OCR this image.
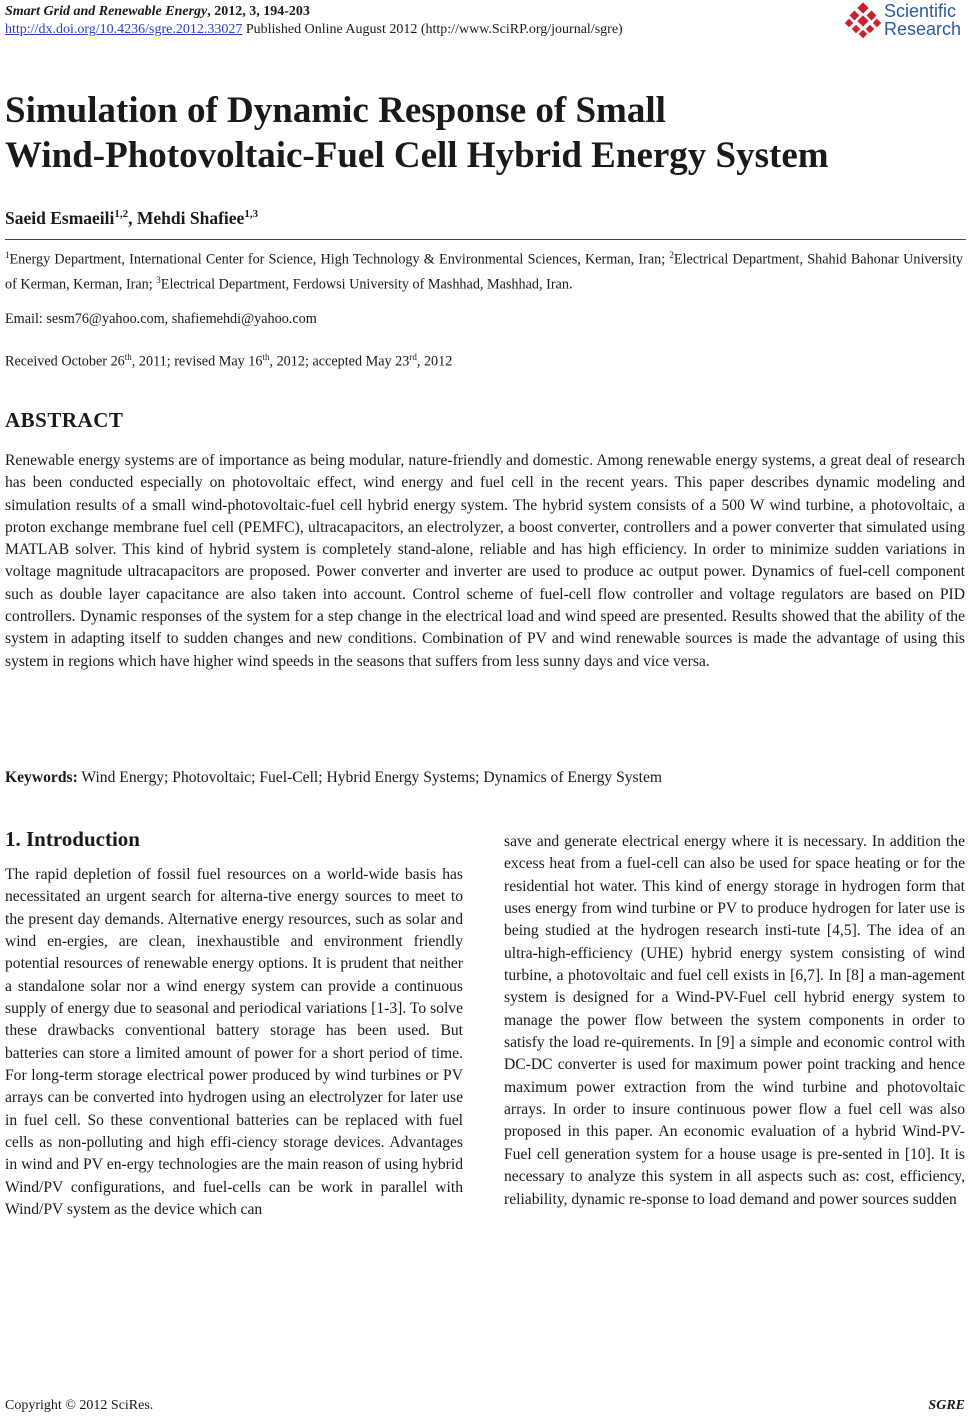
Smart Grid and Renewable Energy, 2012, 3, 194-203
http://dx.doi.org/10.4236/sgre.2012.33027 Published Online August 2012 (http://www.SciRP.org/journal/sgre)
Scientific
Research
Simulation of Dynamic Response of Small
Wind-Photovoltaic-Fuel Cell Hybrid Energy System
Saeid Esmaeili$^{1,2}$, Mehdi Shafiee$^{1,3}$
$^1$Energy Department, International Center for Science, High Technology & Environmental Sciences, Kerman, Iran; $^2$Electrical Department, Shahid Bahonar University of Kerman, Kerman, Iran; $^3$Electrical Department, Ferdowsi University of Mashhad, Mashhad, Iran.
Email: sesm76@yahoo.com, shafiemehdi@yahoo.com
Received October 26th, 2011; revised May 16th, 2012; accepted May 23rd, 2012
ABSTRACT

Renewable energy systems are of importance as being modular, nature-friendly and domestic. Among renewable energy systems, a great deal of research has been conducted especially on photovoltaic effect, wind energy and fuel cell in the recent years. This paper describes dynamic modeling and simulation results of a small wind-photovoltaic-fuel cell hybrid energy system. The hybrid system consists of a 500 W wind turbine, a photovoltaic, a proton exchange membrane fuel cell (PEMFC), ultracapacitors, an electrolyzer, a boost converter, controllers and a power converter that simulated using MATLAB solver. This kind of hybrid system is completely stand-alone, reliable and has high efficiency. In order to minimize sudden variations in voltage magnitude ultracapacitors are proposed. Power converter and inverter are used to produce ac output power. Dynamics of fuel-cell component such as double layer capacitance are also taken into account. Control scheme of fuel-cell flow controller and voltage regulators are based on PID controllers. Dynamic responses of the system for a step change in the electrical load and wind speed are presented. Results showed that the ability of the system in adapting itself to sudden changes and new conditions. Combination of PV and wind renewable sources is made the advantage of using this system in regions which have higher wind speeds in the seasons that suffers from less sunny days and vice versa.

Keywords: Wind Energy; Photovoltaic; Fuel-Cell; Hybrid Energy Systems; Dynamics of Energy System
1. Introduction

The rapid depletion of fossil fuel resources on a world-wide basis has necessitated an urgent search for alterna-tive energy sources to meet to the present day demands. Alternative energy resources, such as solar and wind en-ergies, are clean, inexhaustible and environment friendly potential resources of renewable energy options. It is prudent that neither a standalone solar nor a wind energy system can provide a continuous supply of energy due to seasonal and periodical variations [1-3]. To solve these drawbacks conventional battery storage has been used. But batteries can store a limited amount of power for a short period of time. For long-term storage electrical power produced by wind turbines or PV arrays can be converted into hydrogen using an electrolyzer for later use in fuel cell. So these conventional batteries can be replaced with fuel cells as non-polluting and high effi-ciency storage devices. Advantages in wind and PV en-ergy technologies are the main reason of using hybrid Wind/PV configurations, and fuel-cells can be work in parallel with Wind/PV system as the device which can

save and generate electrical energy where it is necessary. In addition the excess heat from a fuel-cell can also be used for space heating or for the residential hot water. This kind of energy storage in hydrogen form that uses energy from wind turbine or PV to produce hydrogen for later use is being studied at the hydrogen research insti-tute [4,5]. The idea of an ultra-high-efficiency (UHE) hybrid energy system consisting of wind turbine, a photovoltaic and fuel cell exists in [6,7]. In [8] a man-agement system is designed for a Wind-PV-Fuel cell hybrid energy system to manage the power flow between the system components in order to satisfy the load re-quirements. In [9] a simple and economic control with DC-DC converter is used for maximum power point tracking and hence maximum power extraction from the wind turbine and photovoltaic arrays. In order to insure continuous power flow a fuel cell was also proposed in this paper. An economic evaluation of a hybrid Wind-PV-Fuel cell generation system for a house usage is pre-sented in [10]. It is necessary to analyze this system in all aspects such as: cost, efficiency, reliability, dynamic re-sponse to load demand and power sources sudden

Copyright © 2012 SciRes.	SGRE
